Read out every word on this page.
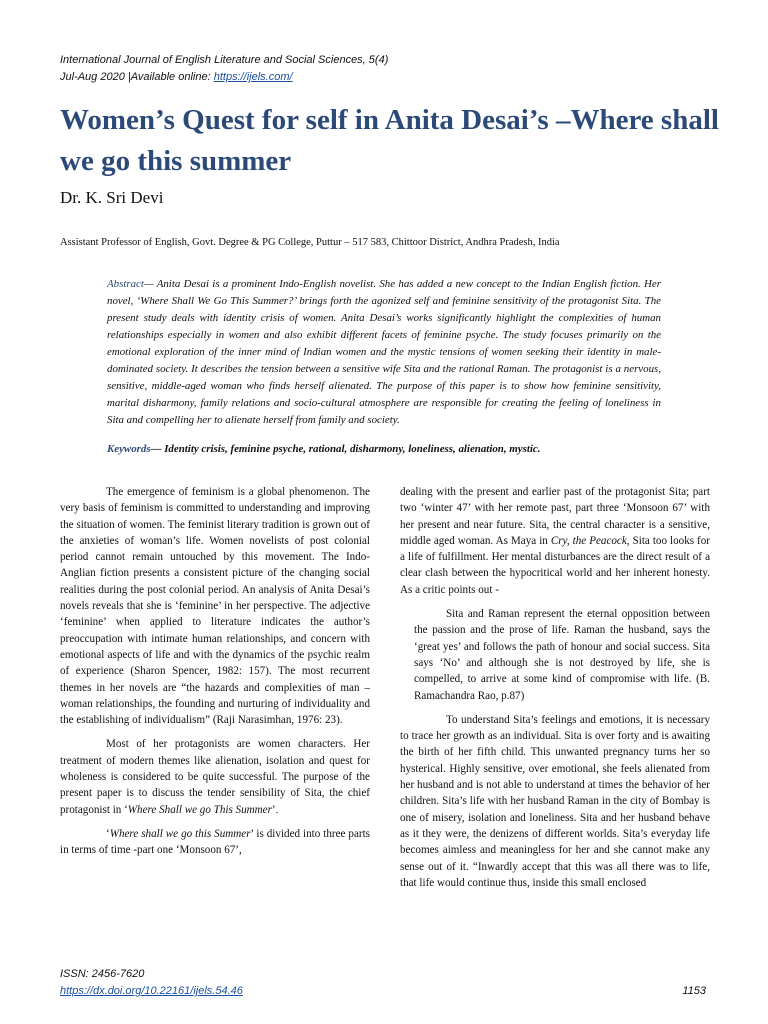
International Journal of English Literature and Social Sciences, 5(4)
Jul-Aug 2020 |Available online: https://ijels.com/
Women’s Quest for self in Anita Desai’s –Where shall we go this summer
Dr. K. Sri Devi
Assistant Professor of English, Govt. Degree & PG College, Puttur – 517 583, Chittoor District, Andhra Pradesh, India

Abstract— Anita Desai is a prominent Indo-English novelist. She has added a new concept to the Indian English fiction. Her novel, ‘Where Shall We Go This Summer?’ brings forth the agonized self and feminine sensitivity of the protagonist Sita. The present study deals with identity crisis of women. Anita Desai’s works significantly highlight the complexities of human relationships especially in women and also exhibit different facets of feminine psyche. The study focuses primarily on the emotional exploration of the inner mind of Indian women and the mystic tensions of women seeking their identity in male-dominated society. It describes the tension between a sensitive wife Sita and the rational Raman. The protagonist is a nervous, sensitive, middle-aged woman who finds herself alienated. The purpose of this paper is to show how feminine sensitivity, marital disharmony, family relations and socio-cultural atmosphere are responsible for creating the feeling of loneliness in Sita and compelling her to alienate herself from family and society.

Keywords— Identity crisis, feminine psyche, rational, disharmony, loneliness, alienation, mystic.

The emergence of feminism is a global phenomenon. The very basis of feminism is committed to understanding and improving the situation of women. The feminist literary tradition is grown out of the anxieties of woman’s life. Women novelists of post colonial period cannot remain untouched by this movement. The Indo-Anglian fiction presents a consistent picture of the changing social realities during the post colonial period. An analysis of Anita Desai’s novels reveals that she is ‘feminine’ in her perspective. The adjective ‘feminine’ when applied to literature indicates the author’s preoccupation with intimate human relationships, and concern with emotional aspects of life and with the dynamics of the psychic realm of experience (Sharon Spencer, 1982: 157). The most recurrent themes in her novels are “the hazards and complexities of man – woman relationships, the founding and nurturing of individuality and the establishing of individualism” (Raji Narasimhan, 1976: 23).

Most of her protagonists are women characters. Her treatment of modern themes like alienation, isolation and quest for wholeness is considered to be quite successful. The purpose of the present paper is to discuss the tender sensibility of Sita, the chief protagonist in ‘Where Shall we go This Summer’.

‘Where shall we go this Summer’ is divided into three parts in terms of time -part one ‘Monsoon 67’,

dealing with the present and earlier past of the protagonist Sita; part two ‘winter 47’ with her remote past, part three ‘Monsoon 67’ with her present and near future. Sita, the central character is a sensitive, middle aged woman. As Maya in Cry, the Peacock, Sita too looks for a life of fulfillment. Her mental disturbances are the direct result of a clear clash between the hypocritical world and her inherent honesty. As a critic points out -

Sita and Raman represent the eternal opposition between the passion and the prose of life. Raman the husband, says the ‘great yes’ and follows the path of honour and social success. Sita says ‘No’ and although she is not destroyed by life, she is compelled, to arrive at some kind of compromise with life. (B. Ramachandra Rao, p.87)

To understand Sita’s feelings and emotions, it is necessary to trace her growth as an individual. Sita is over forty and is awaiting the birth of her fifth child. This unwanted pregnancy turns her so hysterical. Highly sensitive, over emotional, she feels alienated from her husband and is not able to understand at times the behavior of her children. Sita’s life with her husband Raman in the city of Bombay is one of misery, isolation and loneliness. Sita and her husband behave as it they were, the denizens of different worlds. Sita’s everyday life becomes aimless and meaningless for her and she cannot make any sense out of it. “Inwardly accept that this was all there was to life, that life would continue thus, inside this small enclosed

ISSN: 2456-7620
https://dx.doi.org/10.22161/ijels.54.46	1153
